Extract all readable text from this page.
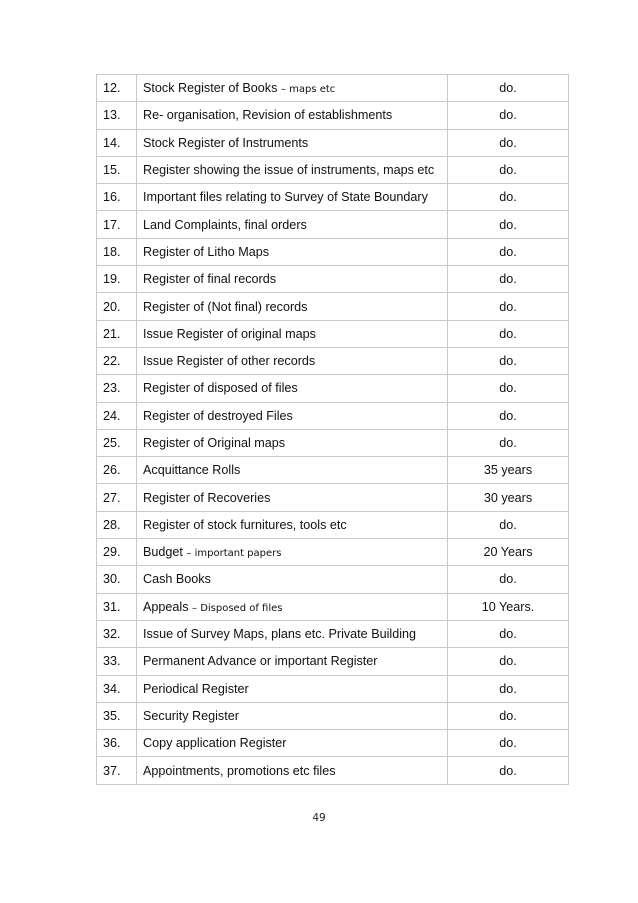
12.	Stock Register of Books – maps etc	do.
13.	Re- organisation, Revision of establishments	do.
14.	Stock Register of Instruments	do.
15.	Register showing the issue of instruments, maps etc	do.
16.	Important files relating to Survey of State Boundary	do.
17.	Land Complaints, final orders	do.
18.	Register of Litho Maps	do.
19.	Register of final records	do.
20.	Register of (Not final) records	do.
21.	Issue Register of original maps	do.
22.	Issue Register of other records	do.
23.	Register of disposed of files	do.
24.	Register of destroyed Files	do.
25.	Register of Original maps	do.
26.	Acquittance Rolls	35 years
27.	Register of Recoveries	30 years
28.	Register of stock furnitures, tools etc	do.
29.	Budget – important papers	20 Years
30.	Cash Books	do.
31.	Appeals – Disposed of files	10 Years.
32.	Issue of Survey Maps, plans etc. Private Building	do.
33.	Permanent Advance or important Register	do.
34.	Periodical Register	do.
35.	Security Register	do.
36.	Copy application Register	do.
37.	Appointments, promotions etc files	do.
49
